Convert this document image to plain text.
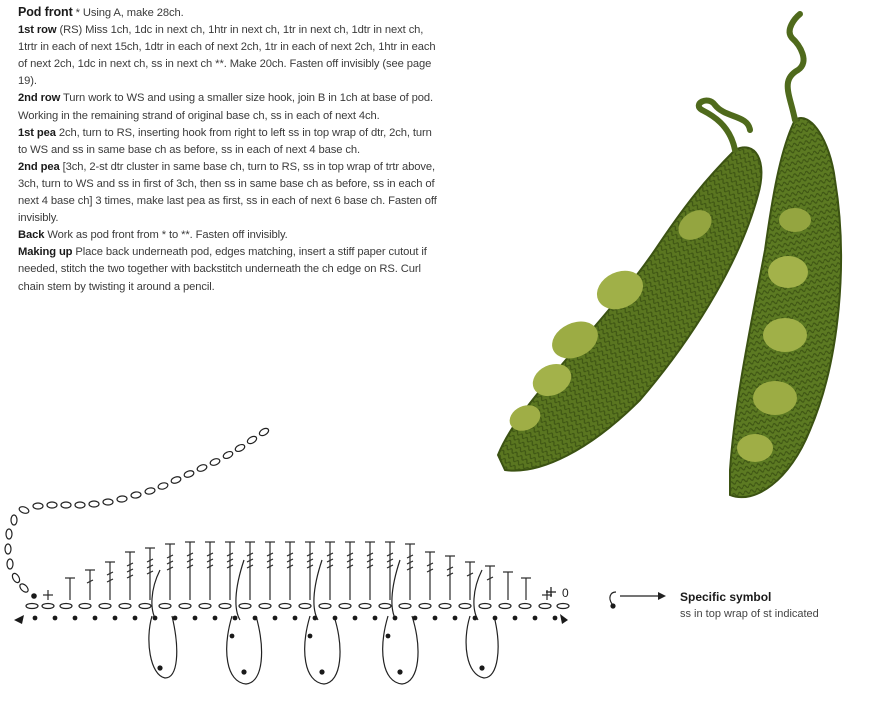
Pod front * Using A, make 28ch.

1st row (RS) Miss 1ch, 1dc in next ch, 1htr in next ch, 1tr in next ch, 1dtr in next ch, 1trtr in each of next 15ch, 1dtr in each of next 2ch, 1tr in each of next 2ch, 1htr in each of next 2ch, 1dc in next ch, ss in next ch **. Make 20ch. Fasten off invisibly (see page 19).

2nd row Turn work to WS and using a smaller size hook, join B in 1ch at base of pod. Working in the remaining strand of original base ch, ss in each of next 4ch.

1st pea 2ch, turn to RS, inserting hook from right to left ss in top wrap of dtr, 2ch, turn to WS and ss in same base ch as before, ss in each of next 4 base ch.

2nd pea [3ch, 2-st dtr cluster in same base ch, turn to RS, ss in top wrap of trtr above, 3ch, turn to WS and ss in first of 3ch, then ss in same base ch as before, ss in each of next 4 base ch] 3 times, make last pea as first, ss in each of next 6 base ch. Fasten off invisibly.

Back Work as pod front from * to **. Fasten off invisibly.

Making up Place back underneath pod, edges matching, insert a stiff paper cutout if needed, stitch the two together with backstitch underneath the ch edge on RS. Curl chain stem by twisting it around a pencil.

0	Specific symbol
ss in top wrap of st indicated
